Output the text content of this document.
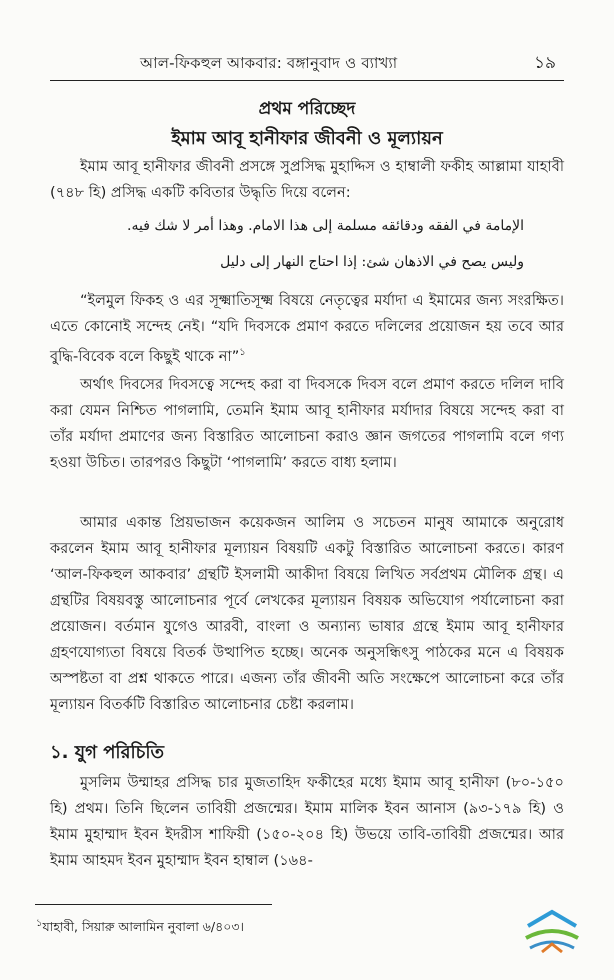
আল-ফিকহুল আকবার: বঙ্গানুবাদ ও ব্যাখ্যা	১৯
প্রথম পরিচ্ছেদ
ইমাম আবূ হানীফার জীবনী ও মূল্যায়ন
ইমাম আবূ হানীফার জীবনী প্রসঙ্গে সুপ্রসিদ্ধ মুহাদ্দিস ও হাম্বালী ফকীহ আল্লামা যাহাবী (৭৪৮ হি) প্রসিদ্ধ একটি কবিতার উদ্ধৃতি দিয়ে বলেন:
الإمامة في الفقه ودقائقه مسلمة إلى هذا الامام. وهذا أمر لا شك فيه.
وليس يصح في الاذهان شئ: إذا احتاج النهار إلى دليل
“ইলমুল ফিকহ ও এর সূক্ষ্মাতিসূক্ষ্ম বিষয়ে নেতৃত্বের মর্যাদা এ ইমামের জন্য সংরক্ষিত। এতে কোনোই সন্দেহ নেই। “যদি দিবসকে প্রমাণ করতে দলিলের প্রয়োজন হয় তবে আর বুদ্ধি-বিবেক বলে কিছুই থাকে না”$^১$
অর্থাৎ দিবসের দিবসত্বে সন্দেহ করা বা দিবসকে দিবস বলে প্রমাণ করতে দলিল দাবি করা যেমন নিশ্চিত পাগলামি, তেমনি ইমাম আবূ হানীফার মর্যাদার বিষয়ে সন্দেহ করা বা তাঁর মর্যাদা প্রমাণের জন্য বিস্তারিত আলোচনা করাও জ্ঞান জগতের পাগলামি বলে গণ্য হওয়া উচিত। তারপরও কিছুটা ‘পাগলামি’ করতে বাধ্য হলাম।
আমার একান্ত প্রিয়ভাজন কয়েকজন আলিম ও সচেতন মানুষ আমাকে অনুরোধ করলেন ইমাম আবূ হানীফার মূল্যায়ন বিষয়টি একটু বিস্তারিত আলোচনা করতে। কারণ ‘আল-ফিকহুল আকবার’ গ্রন্থটি ইসলামী আকীদা বিষয়ে লিখিত সর্বপ্রথম মৌলিক গ্রন্থ। এ গ্রন্থটির বিষয়বস্তু আলোচনার পূর্বে লেখকের মূল্যায়ন বিষয়ক অভিযোগ পর্যালোচনা করা প্রয়োজন। বর্তমান যুগেও আরবী, বাংলা ও অন্যান্য ভাষার গ্রন্থে ইমাম আবূ হানীফার গ্রহণযোগ্যতা বিষয়ে বিতর্ক উত্থাপিত হচ্ছে। অনেক অনুসন্ধিৎসু পাঠকের মনে এ বিষয়ক অস্পষ্টতা বা প্রশ্ন থাকতে পারে। এজন্য তাঁর জীবনী অতি সংক্ষেপে আলোচনা করে তাঁর মূল্যায়ন বিতর্কটি বিস্তারিত আলোচনার চেষ্টা করলাম।
১. যুগ পরিচিতি
মুসলিম উম্মাহর প্রসিদ্ধ চার মুজতাহিদ ফকীহের মধ্যে ইমাম আবূ হানীফা (৮০-১৫০ হি) প্রথম। তিনি ছিলেন তাবিয়ী প্রজন্মের। ইমাম মালিক ইবন আনাস (৯৩-১৭৯ হি) ও ইমাম মুহাম্মাদ ইবন ইদরীস শাফিয়ী (১৫০-২০৪ হি) উভয়ে তাবি-তাবিয়ী প্রজন্মের। আর ইমাম আহমদ ইবন মুহাম্মাদ ইবন হাম্বাল (১৬৪-
$^১$যাহাবী, সিয়ারু আলামিন নুবালা ৬/৪০৩।
